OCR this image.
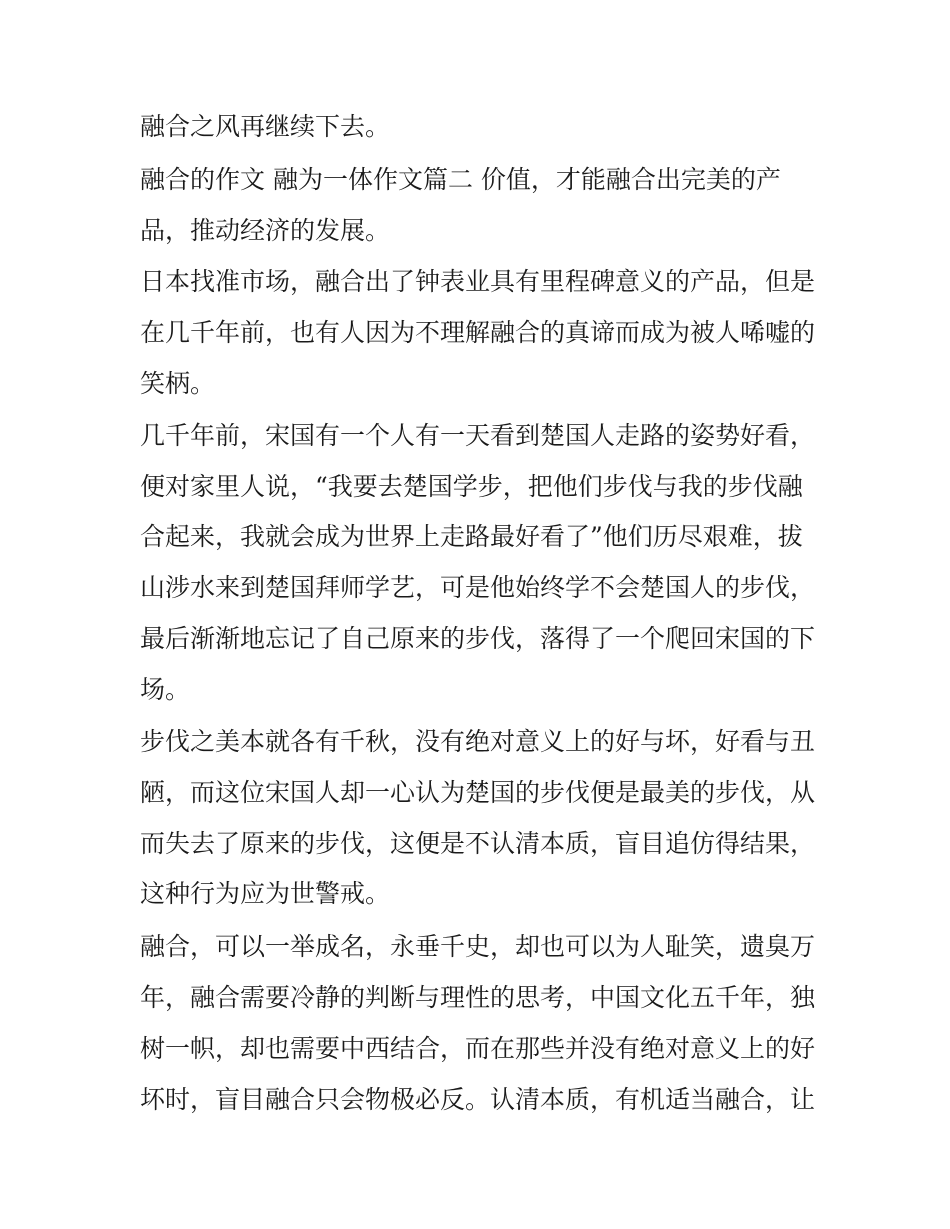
融合之风再继续下去。

融合的作文 融为一体作文篇二 价值，才能融合出完美的产

品，推动经济的发展。

日本找准市场，融合出了钟表业具有里程碑意义的产品，但是

在几千年前，也有人因为不理解融合的真谛而成为被人唏嘘的

笑柄。

几千年前，宋国有一个人有一天看到楚国人走路的姿势好看，

便对家里人说，“我要去楚国学步，把他们步伐与我的步伐融

合起来，我就会成为世界上走路最好看了”他们历尽艰难，拔

山涉水来到楚国拜师学艺，可是他始终学不会楚国人的步伐，

最后渐渐地忘记了自己原来的步伐，落得了一个爬回宋国的下

场。

步伐之美本就各有千秋，没有绝对意义上的好与坏，好看与丑

陋，而这位宋国人却一心认为楚国的步伐便是最美的步伐，从

而失去了原来的步伐，这便是不认清本质，盲目追仿得结果，

这种行为应为世警戒。

融合，可以一举成名，永垂千史，却也可以为人耻笑，遗臭万

年，融合需要冷静的判断与理性的思考，中国文化五千年，独

树一帜，却也需要中西结合，而在那些并没有绝对意义上的好

坏时，盲目融合只会物极必反。认清本质，有机适当融合，让
